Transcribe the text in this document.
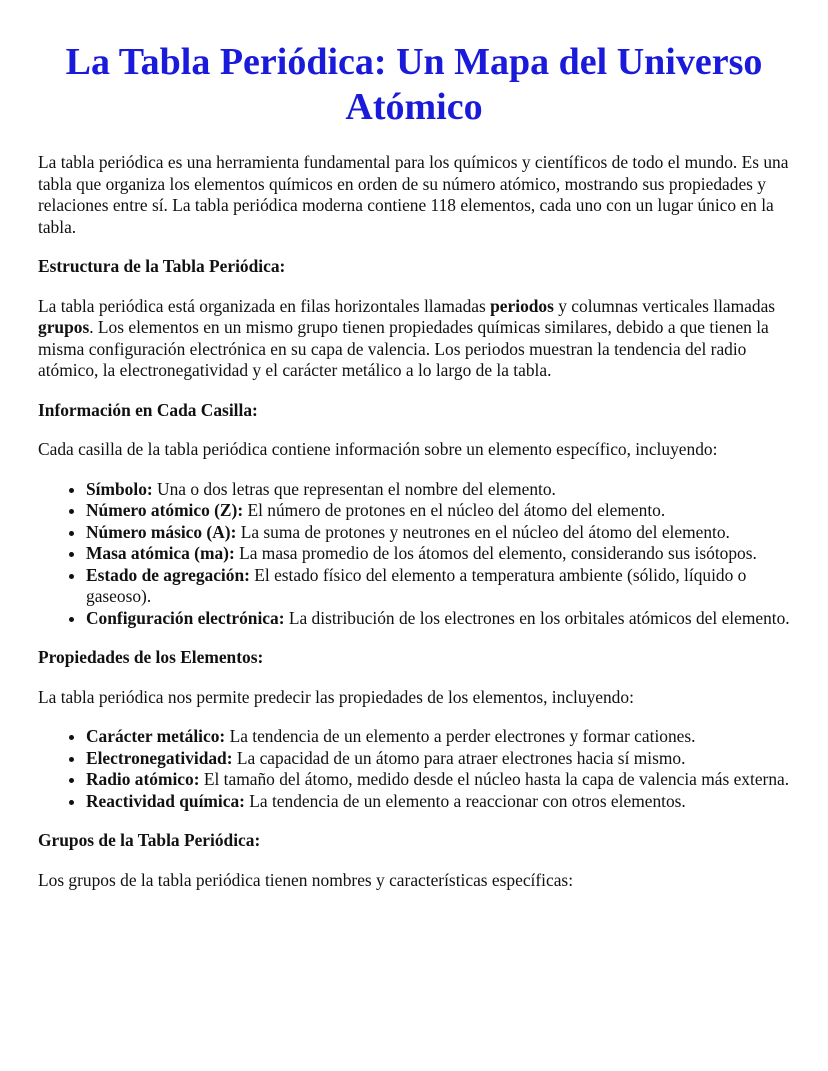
La Tabla Periódica: Un Mapa del Universo Atómico

La tabla periódica es una herramienta fundamental para los químicos y científicos de todo el mundo. Es una tabla que organiza los elementos químicos en orden de su número atómico, mostrando sus propiedades y relaciones entre sí. La tabla periódica moderna contiene 118 elementos, cada uno con un lugar único en la tabla.

Estructura de la Tabla Periódica:

La tabla periódica está organizada en filas horizontales llamadas periodos y columnas verticales llamadas grupos. Los elementos en un mismo grupo tienen propiedades químicas similares, debido a que tienen la misma configuración electrónica en su capa de valencia. Los periodos muestran la tendencia del radio atómico, la electronegatividad y el carácter metálico a lo largo de la tabla.

Información en Cada Casilla:

Cada casilla de la tabla periódica contiene información sobre un elemento específico, incluyendo:

• Símbolo: Una o dos letras que representan el nombre del elemento.
• Número atómico (Z): El número de protones en el núcleo del átomo del elemento.
• Número másico (A): La suma de protones y neutrones en el núcleo del átomo del elemento.
• Masa atómica (ma): La masa promedio de los átomos del elemento, considerando sus isótopos.
• Estado de agregación: El estado físico del elemento a temperatura ambiente (sólido, líquido o gaseoso).
• Configuración electrónica: La distribución de los electrones en los orbitales atómicos del elemento.

Propiedades de los Elementos:

La tabla periódica nos permite predecir las propiedades de los elementos, incluyendo:

• Carácter metálico: La tendencia de un elemento a perder electrones y formar cationes.
• Electronegatividad: La capacidad de un átomo para atraer electrones hacia sí mismo.
• Radio atómico: El tamaño del átomo, medido desde el núcleo hasta la capa de valencia más externa.
• Reactividad química: La tendencia de un elemento a reaccionar con otros elementos.

Grupos de la Tabla Periódica:

Los grupos de la tabla periódica tienen nombres y características específicas:
